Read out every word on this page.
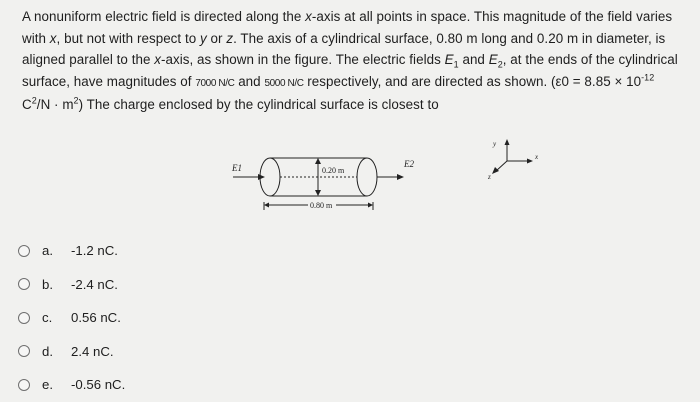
A nonuniform electric field is directed along the x-axis at all points in space. This magnitude of the field varies
with x, but not with respect to y or z. The axis of a cylindrical surface, 0.80 m long and 0.20 m in diameter, is
aligned parallel to the x-axis, as shown in the figure. The electric fields $E_1$ and $E_2$, at the ends of the cylindrical
surface, have magnitudes of 7000 N/C and 5000 N/C respectively, and are directed as shown. ($\varepsilon 0 = 8.85 \times 10^{-12}$
$C^2/N \cdot m^2$) The charge enclosed by the cylindrical surface is closest to
E1	E2
x
y
z
0.20 m
0.80 m
a.	-1.2 nC.
b.	-2.4 nC.
c.	0.56 nC.
d.	2.4 nC.
e.	-0.56 nC.
